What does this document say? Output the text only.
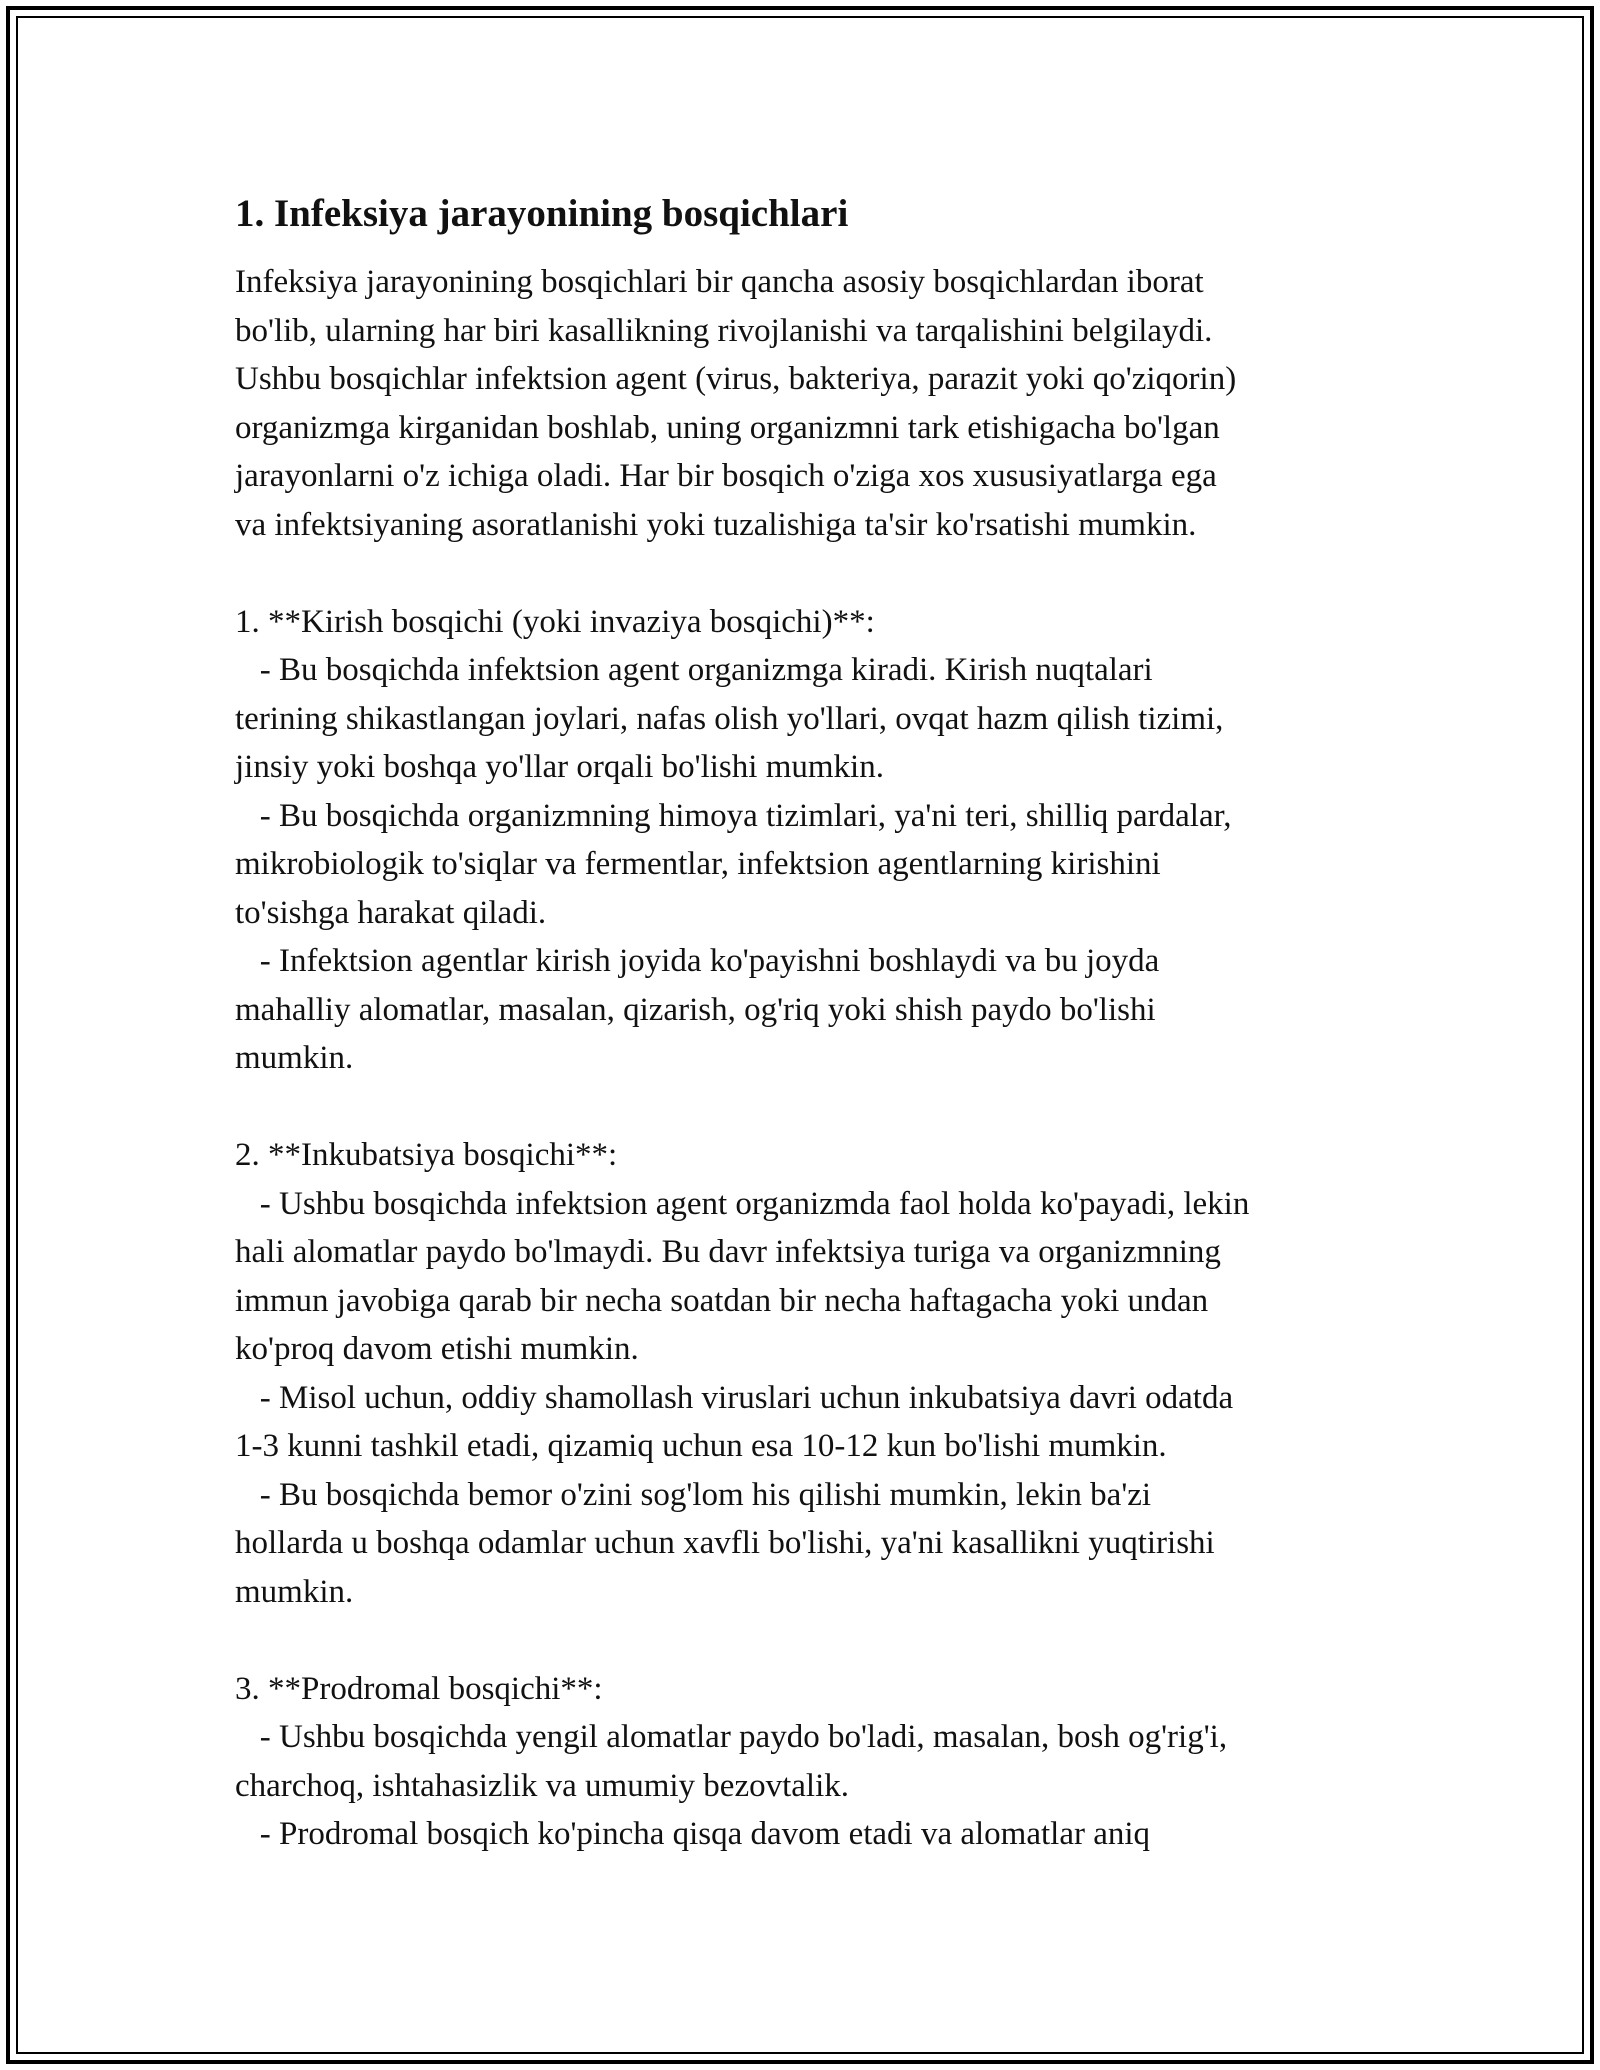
1. Infeksiya jarayonining bosqichlari

Infeksiya jarayonining bosqichlari bir qancha asosiy bosqichlardan iborat
bo'lib, ularning har biri kasallikning rivojlanishi va tarqalishini belgilaydi.
Ushbu bosqichlar infektsion agent (virus, bakteriya, parazit yoki qo'ziqorin)
organizmga kirganidan boshlab, uning organizmni tark etishigacha bo'lgan
jarayonlarni o'z ichiga oladi. Har bir bosqich o'ziga xos xususiyatlarga ega
va infektsiyaning asoratlanishi yoki tuzalishiga ta'sir ko'rsatishi mumkin.

1. **Kirish bosqichi (yoki invaziya bosqichi)**:

- Bu bosqichda infektsion agent organizmga kiradi. Kirish nuqtalari
terining shikastlangan joylari, nafas olish yo'llari, ovqat hazm qilish tizimi,
jinsiy yoki boshqa yo'llar orqali bo'lishi mumkin.
- Bu bosqichda organizmning himoya tizimlari, ya'ni teri, shilliq pardalar,
mikrobiologik to'siqlar va fermentlar, infektsion agentlarning kirishini
to'sishga harakat qiladi.
- Infektsion agentlar kirish joyida ko'payishni boshlaydi va bu joyda
mahalliy alomatlar, masalan, qizarish, og'riq yoki shish paydo bo'lishi
mumkin.

2. **Inkubatsiya bosqichi**:

- Ushbu bosqichda infektsion agent organizmda faol holda ko'payadi, lekin
hali alomatlar paydo bo'lmaydi. Bu davr infektsiya turiga va organizmning
immun javobiga qarab bir necha soatdan bir necha haftagacha yoki undan
ko'proq davom etishi mumkin.
- Misol uchun, oddiy shamollash viruslari uchun inkubatsiya davri odatda
1-3 kunni tashkil etadi, qizamiq uchun esa 10-12 kun bo'lishi mumkin.
- Bu bosqichda bemor o'zini sog'lom his qilishi mumkin, lekin ba'zi
hollarda u boshqa odamlar uchun xavfli bo'lishi, ya'ni kasallikni yuqtirishi
mumkin.

3. **Prodromal bosqichi**:

- Ushbu bosqichda yengil alomatlar paydo bo'ladi, masalan, bosh og'rig'i,
charchoq, ishtahasizlik va umumiy bezovtalik.
- Prodromal bosqich ko'pincha qisqa davom etadi va alomatlar aniq
